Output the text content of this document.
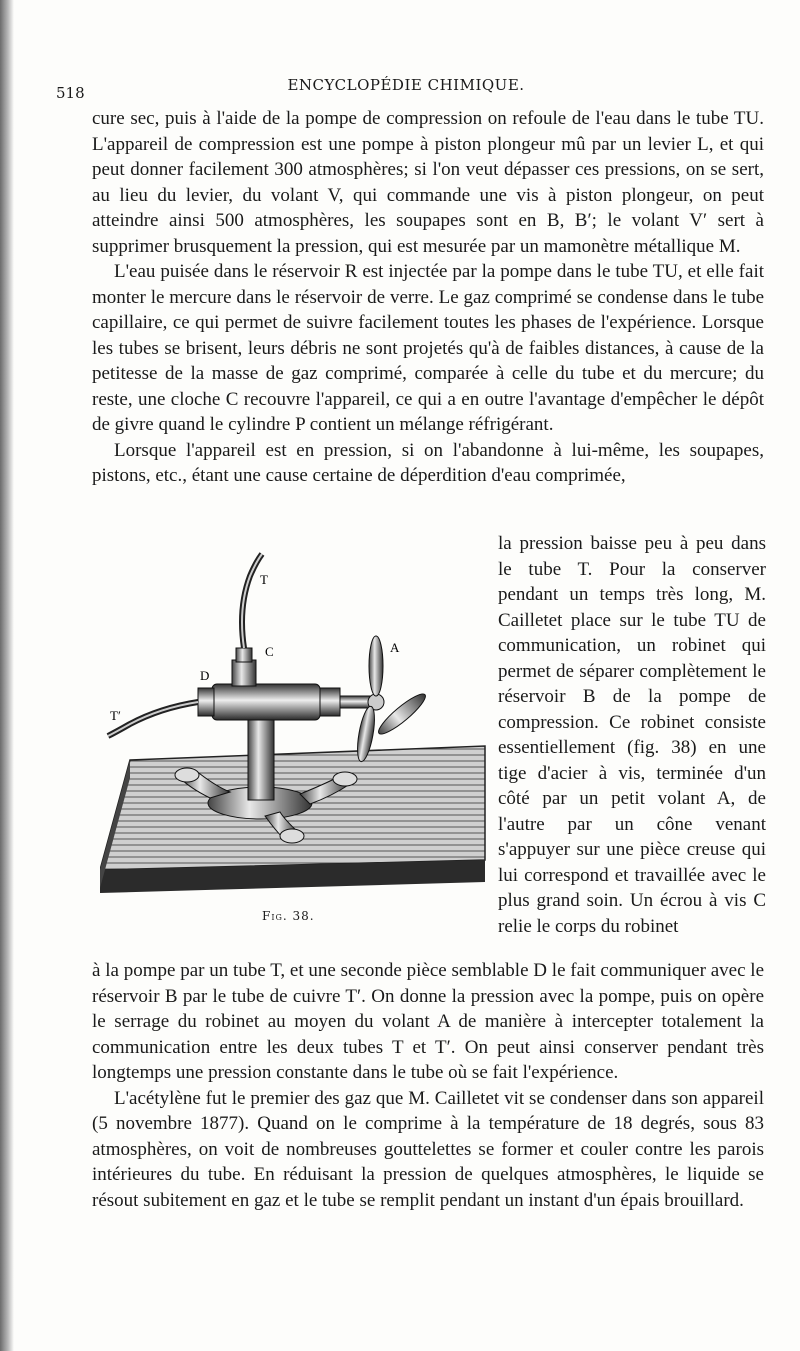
518	ENCYCLOPÉDIE CHIMIQUE.

cure sec, puis à l'aide de la pompe de compression on refoule de l'eau dans le tube TU. L'appareil de compression est une pompe à piston plongeur mû par un levier L, et qui peut donner facilement 300 atmosphères; si l'on veut dépasser ces pressions, on se sert, au lieu du levier, du volant V, qui commande une vis à piston plongeur, on peut atteindre ainsi 500 atmosphères, les soupapes sont en B, B′; le volant V′ sert à supprimer brusquement la pression, qui est mesurée par un mamonètre métallique M.

L'eau puisée dans le réservoir R est injectée par la pompe dans le tube TU, et elle fait monter le mercure dans le réservoir de verre. Le gaz comprimé se condense dans le tube capillaire, ce qui permet de suivre facilement toutes les phases de l'expérience. Lorsque les tubes se brisent, leurs débris ne sont projetés qu'à de faibles distances, à cause de la petitesse de la masse de gaz comprimé, comparée à celle du tube et du mercure; du reste, une cloche C recouvre l'appareil, ce qui a en outre l'avantage d'empêcher le dépôt de givre quand le cylindre P contient un mélange réfrigérant.

Lorsque l'appareil est en pression, si on l'abandonne à lui-même, les soupapes, pistons, etc., étant une cause certaine de déperdition d'eau comprimée,

T
C	A
D
T′
Fig. 38.
la pression baisse peu à peu dans le tube T. Pour la conserver pendant un temps très long, M. Cailletet place sur le tube TU de communication, un robinet qui permet de séparer complètement le réservoir B de la pompe de compression. Ce robinet consiste essentiellement (fig. 38) en une tige d'acier à vis, terminée d'un côté par un petit volant A, de l'autre par un cône venant s'appuyer sur une pièce creuse qui lui correspond et travaillée avec le plus grand soin. Un écrou à vis C relie le corps du robinet

à la pompe par un tube T, et une seconde pièce semblable D le fait communiquer avec le réservoir B par le tube de cuivre T′. On donne la pression avec la pompe, puis on opère le serrage du robinet au moyen du volant A de manière à intercepter totalement la communication entre les deux tubes T et T′. On peut ainsi conserver pendant très longtemps une pression constante dans le tube où se fait l'expérience.

L'acétylène fut le premier des gaz que M. Cailletet vit se condenser dans son appareil (5 novembre 1877). Quand on le comprime à la température de 18 degrés, sous 83 atmosphères, on voit de nombreuses gouttelettes se former et couler contre les parois intérieures du tube. En réduisant la pression de quelques atmosphères, le liquide se résout subitement en gaz et le tube se remplit pendant un instant d'un épais brouillard.
